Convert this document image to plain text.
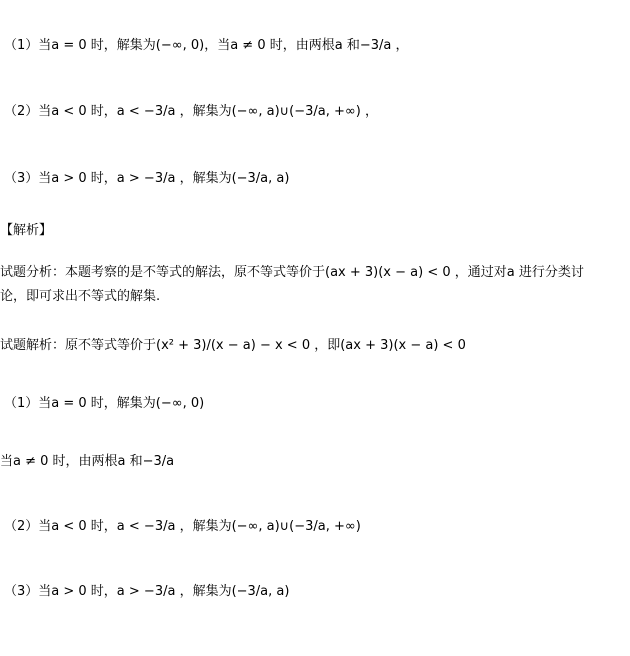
（1）当a = 0 时，解集为(−∞, 0)，当a ≠ 0 时，由两根a 和−3/a ，
（2）当a < 0 时，a < −3/a ，解集为(−∞, a)∪(−3/a, +∞) ，
（3）当a > 0 时，a > −3/a ，解集为(−3/a, a)
【解析】
试题分析：本题考察的是不等式的解法，原不等式等价于(ax + 3)(x − a) < 0 ，通过对a 进行分类讨
论，即可求出不等式的解集.
试题解析：原不等式等价于(x² + 3)/(x − a) − x < 0 ，即(ax + 3)(x − a) < 0
（1）当a = 0 时，解集为(−∞, 0)
当a ≠ 0 时，由两根a 和−3/a
（2）当a < 0 时，a < −3/a ，解集为(−∞, a)∪(−3/a, +∞)
（3）当a > 0 时，a > −3/a ，解集为(−3/a, a)
